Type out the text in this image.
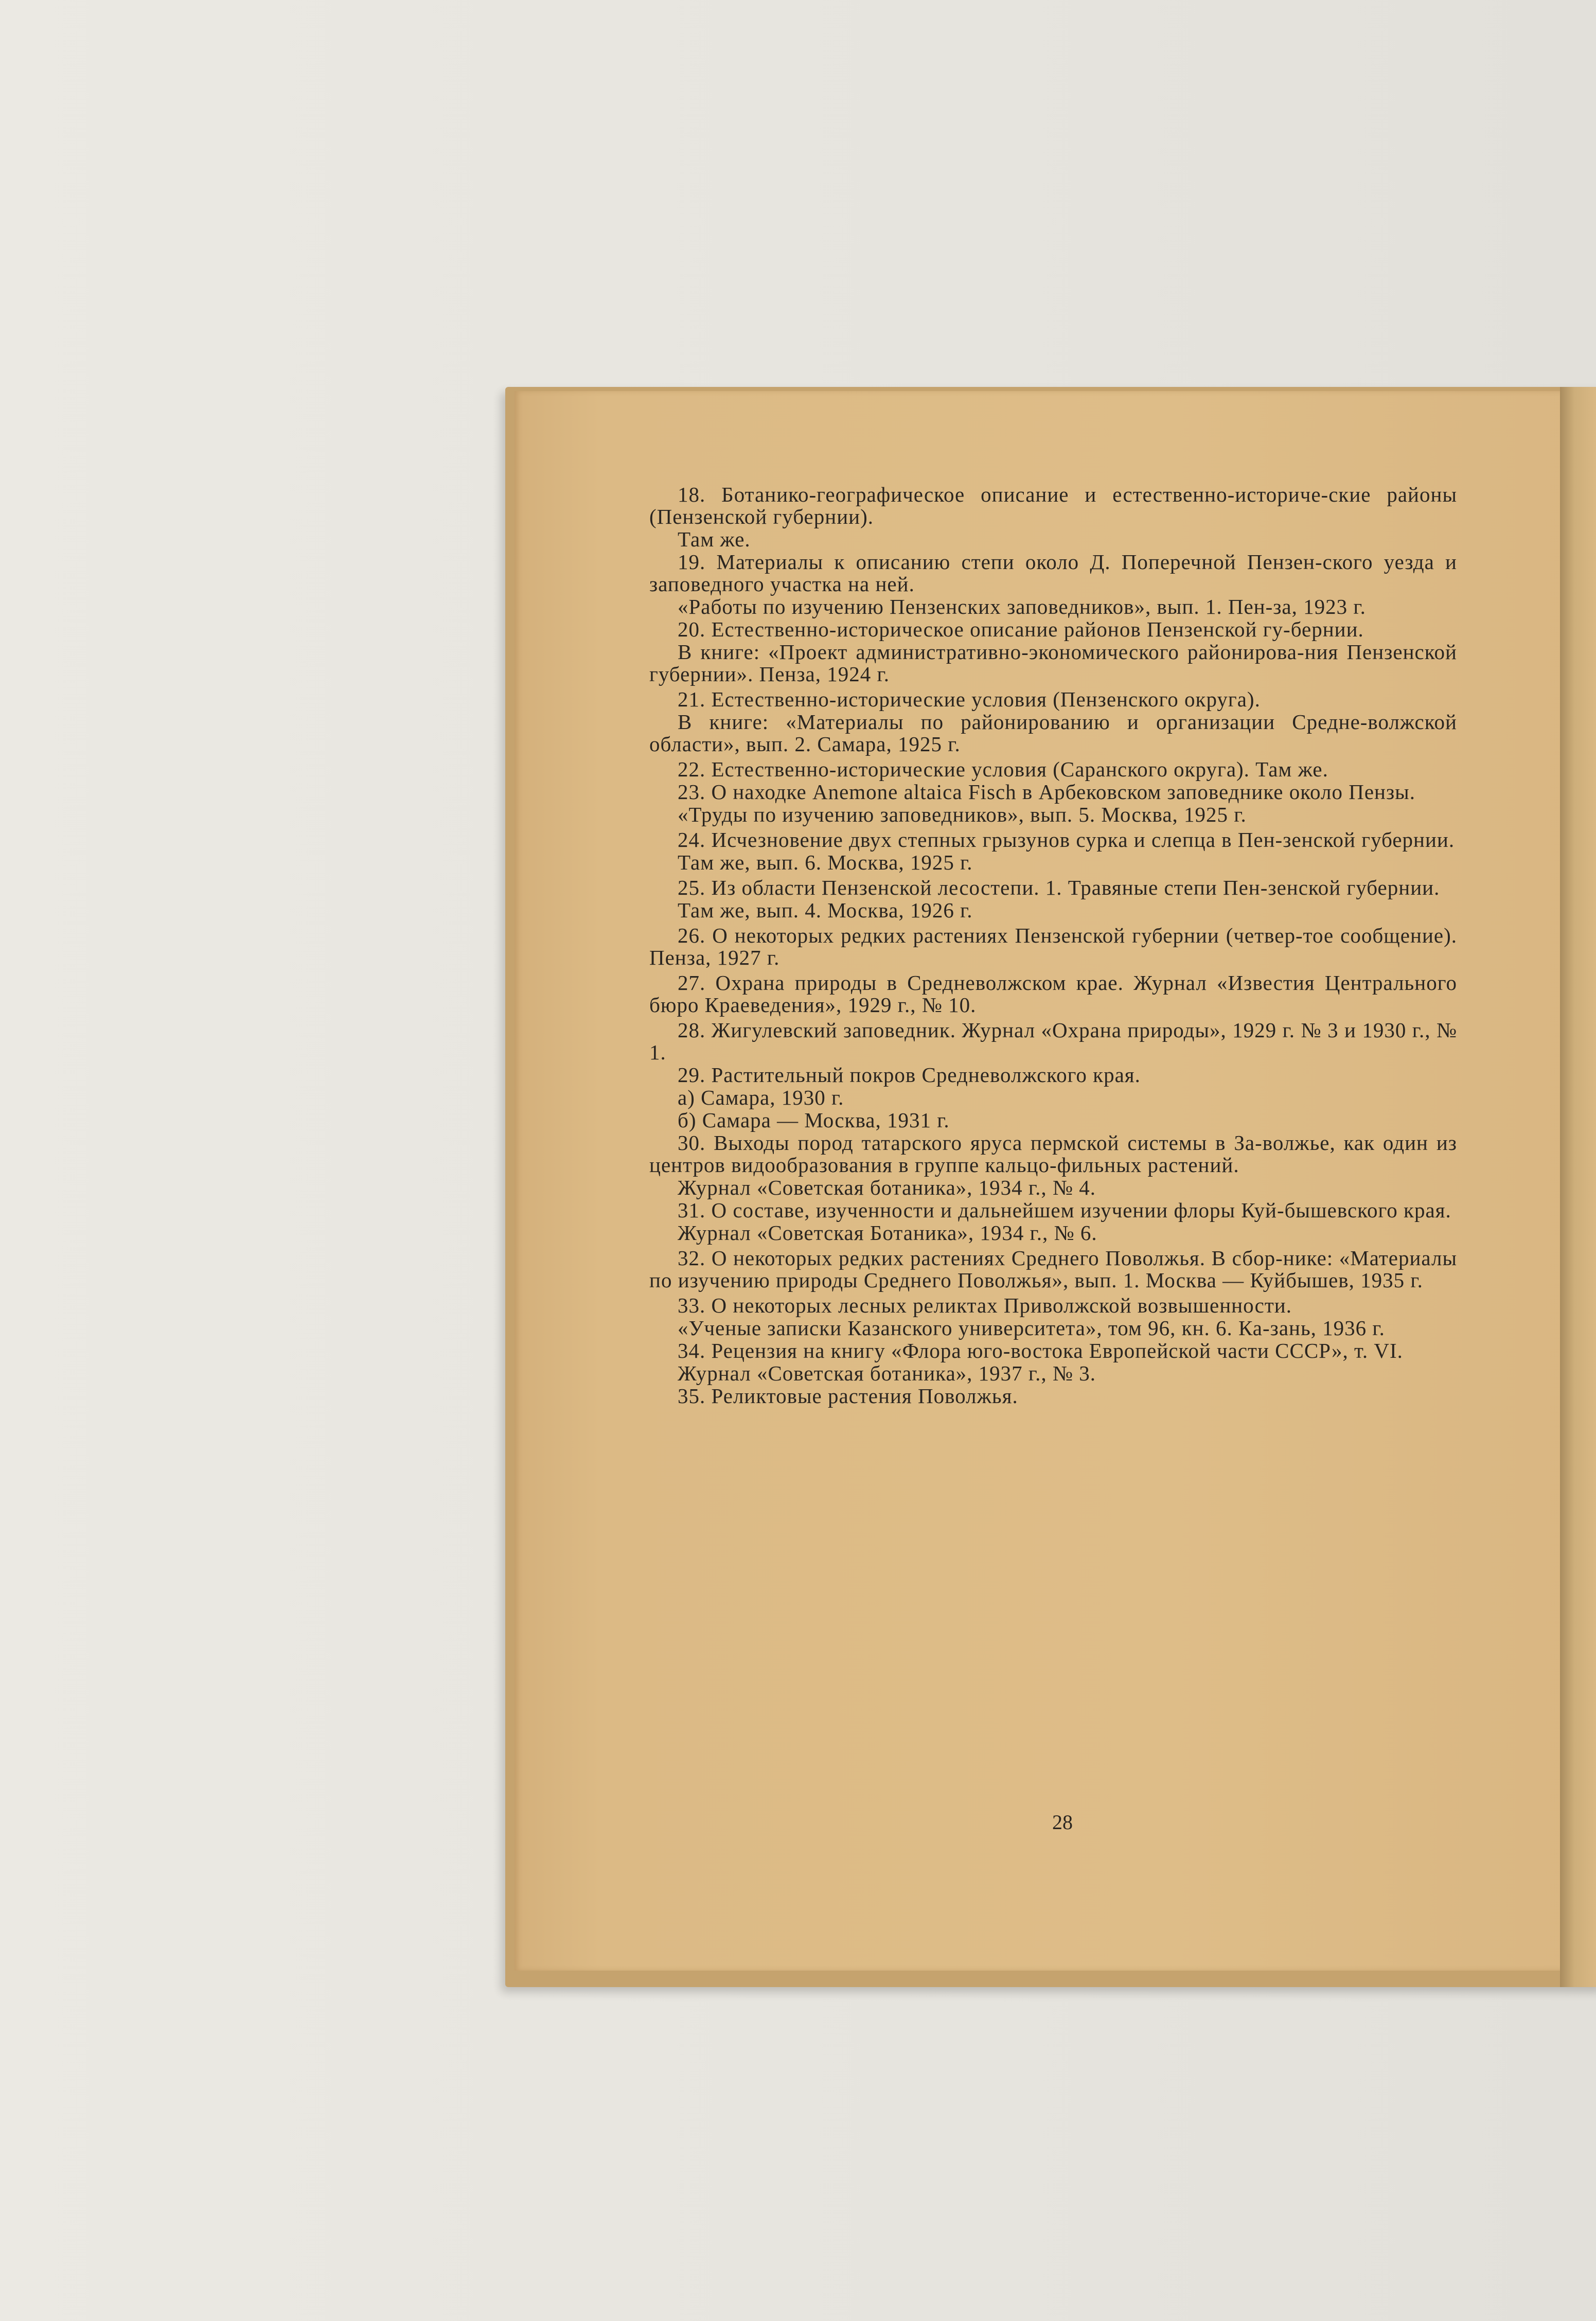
18. Ботанико-географическое описание и естественно-историче-ские районы (Пензенской губернии).

Там же.

19. Материалы к описанию степи около Д. Поперечной Пензен-ского уезда и заповедного участка на ней.

«Работы по изучению Пензенских заповедников», вып. 1. Пен-за, 1923 г.

20. Естественно-историческое описание районов Пензенской гу-бернии.

В книге: «Проект административно-экономического районирова-ния Пензенской губернии». Пенза, 1924 г.

21. Естественно-исторические условия (Пензенского округа).

В книге: «Материалы по районированию и организации Средне-волжской области», вып. 2. Самара, 1925 г.

22. Естественно-исторические условия (Саранского округа). Там же.

23. О находке Anemone altaica Fisch в Арбековском заповеднике около Пензы.

«Труды по изучению заповедников», вып. 5. Москва, 1925 г.

24. Исчезновение двух степных грызунов сурка и слепца в Пен-зенской губернии.

Там же, вып. 6. Москва, 1925 г.

25. Из области Пензенской лесостепи. 1. Травяные степи Пен-зенской губернии.

Там же, вып. 4. Москва, 1926 г.

26. О некоторых редких растениях Пензенской губернии (четвер-тое сообщение). Пенза, 1927 г.

27. Охрана природы в Средневолжском крае. Журнал «Известия Центрального бюро Краеведения», 1929 г., № 10.

28. Жигулевский заповедник. Журнал «Охрана природы», 1929 г. № 3 и 1930 г., № 1.

29. Растительный покров Средневолжского края.

а) Самара, 1930 г.

б) Самара — Москва, 1931 г.

30. Выходы пород татарского яруса пермской системы в За-волжье, как один из центров видообразования в группе кальцо-фильных растений.

Журнал «Советская ботаника», 1934 г., № 4.

31. О составе, изученности и дальнейшем изучении флоры Куй-бышевского края.

Журнал «Советская Ботаника», 1934 г., № 6.

32. О некоторых редких растениях Среднего Поволжья. В сбор-нике: «Материалы по изучению природы Среднего Поволжья», вып. 1. Москва — Куйбышев, 1935 г.

33. О некоторых лесных реликтах Приволжской возвышенности.

«Ученые записки Казанского университета», том 96, кн. 6. Ка-зань, 1936 г.

34. Рецензия на книгу «Флора юго-востока Европейской части СССР», т. VI.

Журнал «Советская ботаника», 1937 г., № 3.

35. Реликтовые растения Поволжья.

28
